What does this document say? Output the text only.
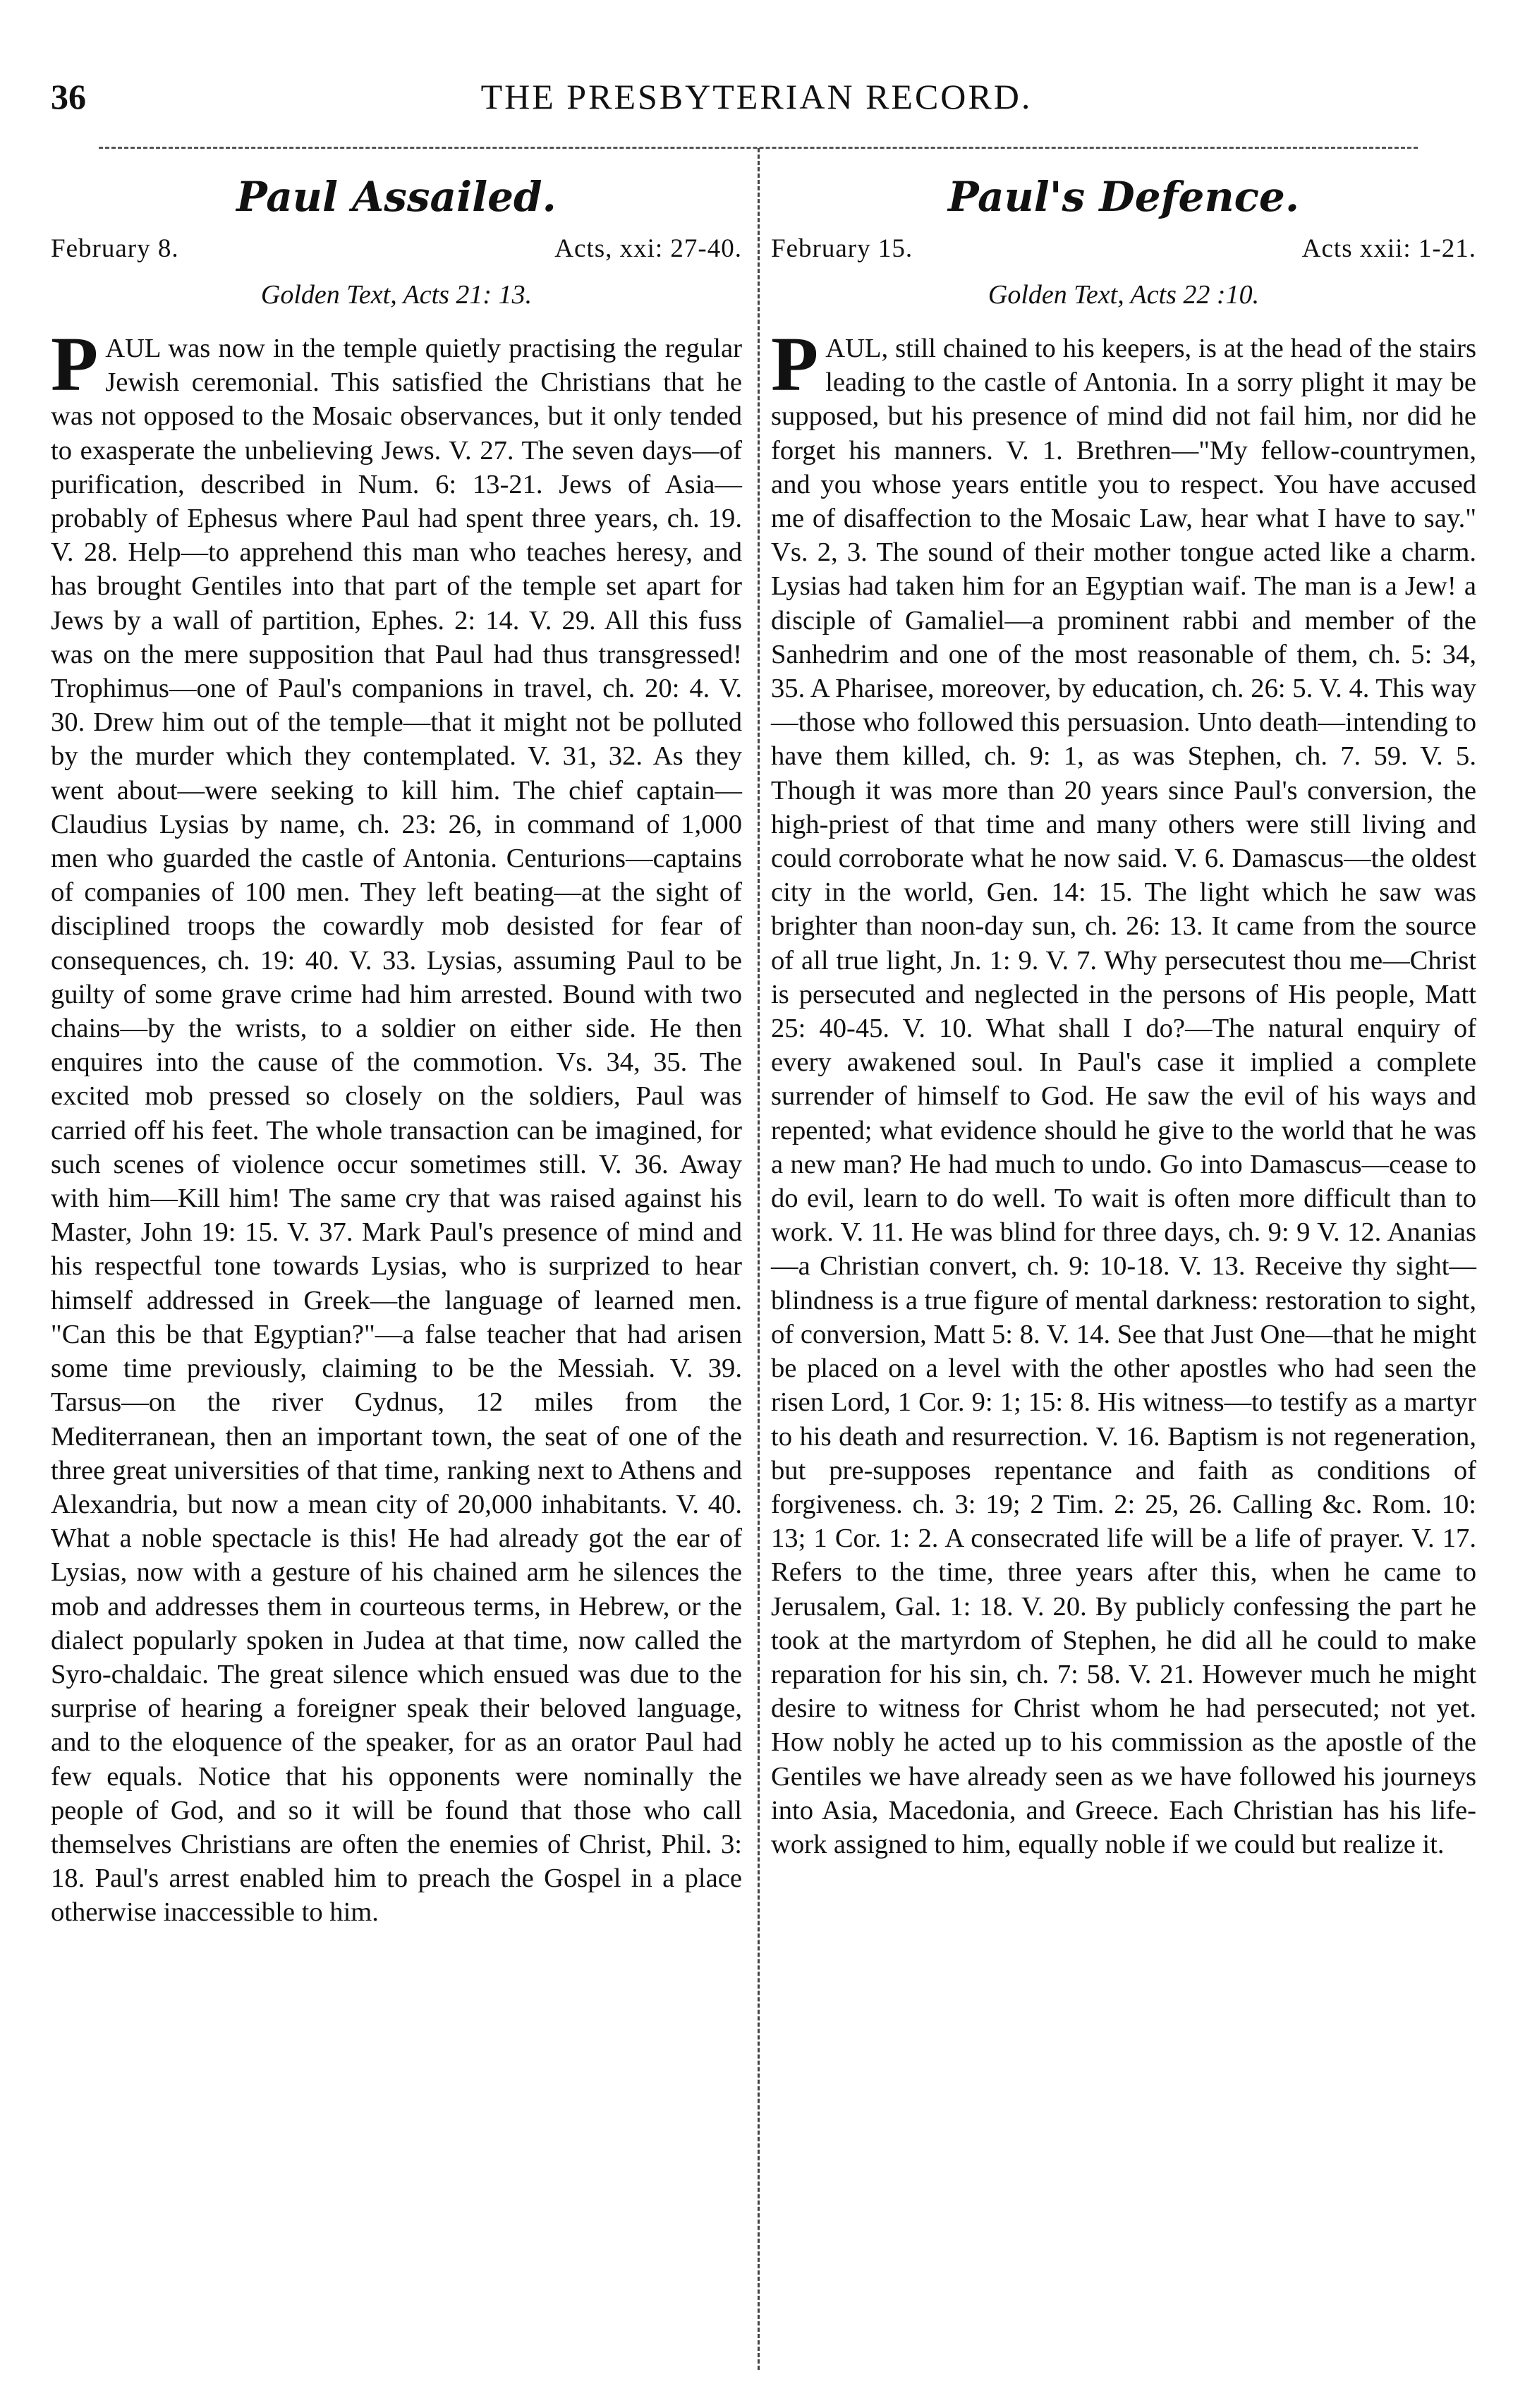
36	THE PRESBYTERIAN RECORD.
Paul Assailed.
February 8.	Acts, xxi: 27-40.
Golden Text, Acts 21: 13.
PAUL was now in the temple quietly practising the regular Jewish ceremonial. This satisfied the Christians that he was not opposed to the Mosaic observances, but it only tended to exasperate the unbelieving Jews. V. 27. The seven days—of purification, described in Num. 6: 13-21. Jews of Asia—probably of Ephesus where Paul had spent three years, ch. 19. V. 28. Help—to apprehend this man who teaches heresy, and has brought Gentiles into that part of the temple set apart for Jews by a wall of partition, Ephes. 2: 14. V. 29. All this fuss was on the mere supposition that Paul had thus transgressed! Trophimus—one of Paul's companions in travel, ch. 20: 4. V. 30. Drew him out of the temple—that it might not be polluted by the murder which they contemplated. V. 31, 32. As they went about—were seeking to kill him. The chief captain—Claudius Lysias by name, ch. 23: 26, in command of 1,000 men who guarded the castle of Antonia. Centurions—captains of companies of 100 men. They left beating—at the sight of disciplined troops the cowardly mob desisted for fear of consequences, ch. 19: 40. V. 33. Lysias, assuming Paul to be guilty of some grave crime had him arrested. Bound with two chains—by the wrists, to a soldier on either side. He then enquires into the cause of the commotion. Vs. 34, 35. The excited mob pressed so closely on the soldiers, Paul was carried off his feet. The whole transaction can be imagined, for such scenes of violence occur sometimes still. V. 36. Away with him—Kill him! The same cry that was raised against his Master, John 19: 15. V. 37. Mark Paul's presence of mind and his respectful tone towards Lysias, who is surprized to hear himself addressed in Greek—the language of learned men. "Can this be that Egyptian?"—a false teacher that had arisen some time previously, claiming to be the Messiah. V. 39. Tarsus—on the river Cydnus, 12 miles from the Mediterranean, then an important town, the seat of one of the three great universities of that time, ranking next to Athens and Alexandria, but now a mean city of 20,000 inhabitants. V. 40. What a noble spectacle is this! He had already got the ear of Lysias, now with a gesture of his chained arm he silences the mob and addresses them in courteous terms, in Hebrew, or the dialect popularly spoken in Judea at that time, now called the Syro-chaldaic. The great silence which ensued was due to the surprise of hearing a foreigner speak their beloved language, and to the eloquence of the speaker, for as an orator Paul had few equals. Notice that his opponents were nominally the people of God, and so it will be found that those who call themselves Christians are often the enemies of Christ, Phil. 3: 18. Paul's arrest enabled him to preach the Gospel in a place otherwise inaccessible to him.
Paul's Defence.
February 15.	Acts xxii: 1-21.
Golden Text, Acts 22 :10.
PAUL, still chained to his keepers, is at the head of the stairs leading to the castle of Antonia. In a sorry plight it may be supposed, but his presence of mind did not fail him, nor did he forget his manners. V. 1. Brethren—"My fellow-countrymen, and you whose years entitle you to respect. You have accused me of disaffection to the Mosaic Law, hear what I have to say." Vs. 2, 3. The sound of their mother tongue acted like a charm. Lysias had taken him for an Egyptian waif. The man is a Jew! a disciple of Gamaliel—a prominent rabbi and member of the Sanhedrim and one of the most reasonable of them, ch. 5: 34, 35. A Pharisee, moreover, by education, ch. 26: 5. V. 4. This way—those who followed this persuasion. Unto death—intending to have them killed, ch. 9: 1, as was Stephen, ch. 7. 59. V. 5. Though it was more than 20 years since Paul's conversion, the high-priest of that time and many others were still living and could corroborate what he now said. V. 6. Damascus—the oldest city in the world, Gen. 14: 15. The light which he saw was brighter than noon-day sun, ch. 26: 13. It came from the source of all true light, Jn. 1: 9. V. 7. Why persecutest thou me—Christ is persecuted and neglected in the persons of His people, Matt 25: 40-45. V. 10. What shall I do?—The natural enquiry of every awakened soul. In Paul's case it implied a complete surrender of himself to God. He saw the evil of his ways and repented; what evidence should he give to the world that he was a new man? He had much to undo. Go into Damascus—cease to do evil, learn to do well. To wait is often more difficult than to work. V. 11. He was blind for three days, ch. 9: 9 V. 12. Ananias—a Christian convert, ch. 9: 10-18. V. 13. Receive thy sight—blindness is a true figure of mental darkness: restoration to sight, of conversion, Matt 5: 8. V. 14. See that Just One—that he might be placed on a level with the other apostles who had seen the risen Lord, 1 Cor. 9: 1; 15: 8. His witness—to testify as a martyr to his death and resurrection. V. 16. Baptism is not regeneration, but pre-supposes repentance and faith as conditions of forgiveness. ch. 3: 19; 2 Tim. 2: 25, 26. Calling &c. Rom. 10: 13; 1 Cor. 1: 2. A consecrated life will be a life of prayer. V. 17. Refers to the time, three years after this, when he came to Jerusalem, Gal. 1: 18. V. 20. By publicly confessing the part he took at the martyrdom of Stephen, he did all he could to make reparation for his sin, ch. 7: 58. V. 21. However much he might desire to witness for Christ whom he had persecuted; not yet. How nobly he acted up to his commission as the apostle of the Gentiles we have already seen as we have followed his journeys into Asia, Macedonia, and Greece. Each Christian has his life-work assigned to him, equally noble if we could but realize it.
